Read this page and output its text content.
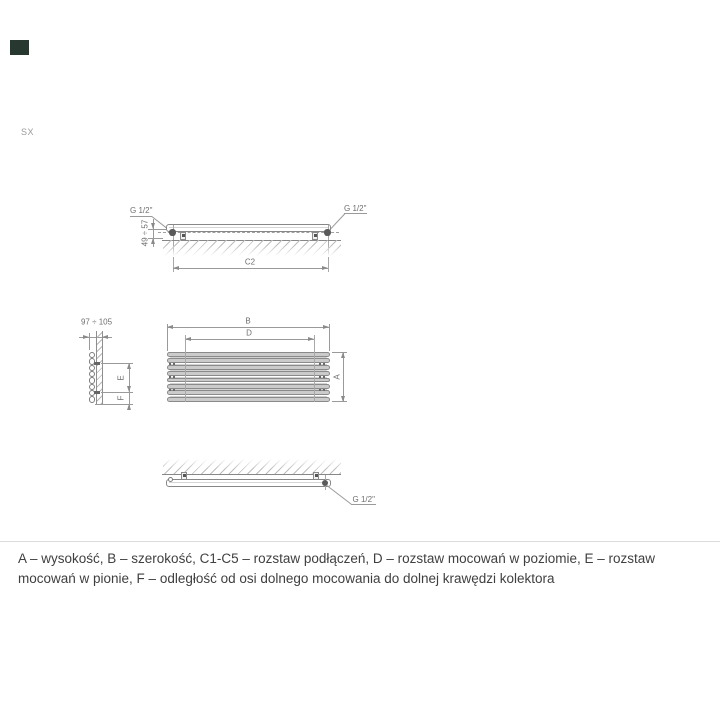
SX
G 1/2"	G 1/2"
49 ÷ 57
C2
97 ÷ 105
E
F
B
D
A
G 1/2"
A – wysokość, B – szerokość, C1-C5 – rozstaw podłączeń, D – rozstaw mocowań w poziomie, E – rozstaw mocowań w pionie, F – odległość od osi dolnego mocowania do dolnej krawędzi kolektora
